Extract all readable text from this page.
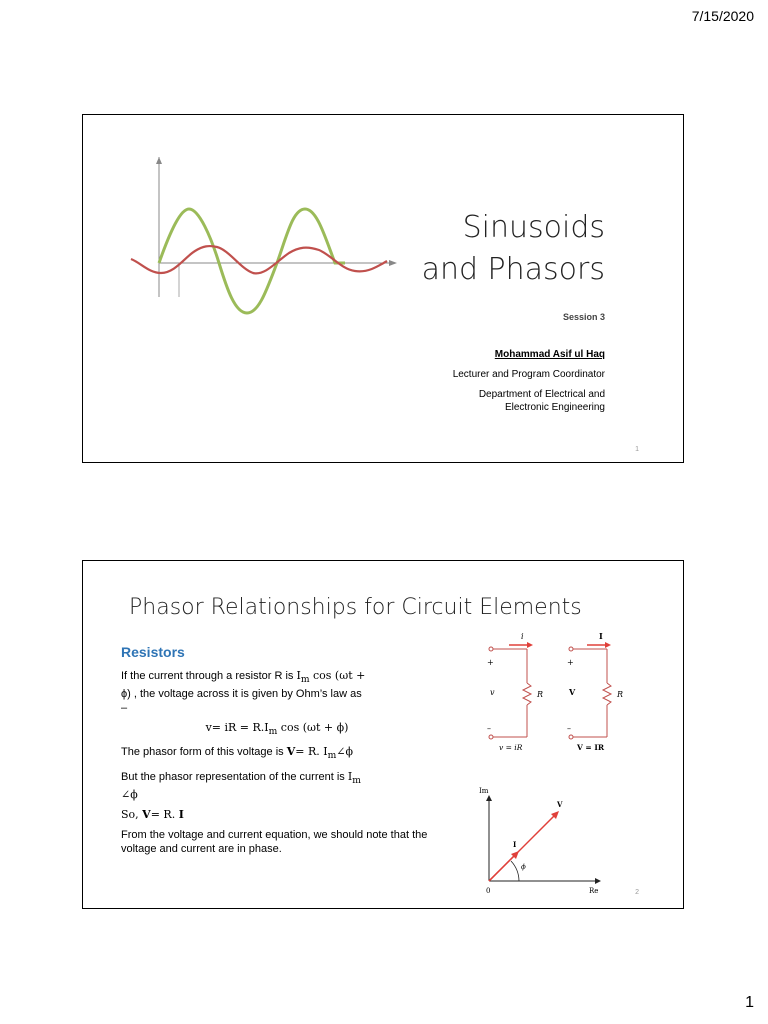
7/15/2020
Sinusoids
and Phasors
Session 3
Mohammad Asif ul Haq
Lecturer and Program Coordinator
Department of Electrical and
Electronic Engineering
1
Phasor Relationships for Circuit Elements
Resistors

If the current through a resistor R is $I_m$ cos (ωt +
ϕ) , the voltage across it is given by Ohm’s law as
–

v= iR = $R.I_m$ cos (ωt + ϕ)

The phasor form of this voltage is V= R. $I_m\angle\phi$

But the phasor representation of the current is $I_m$
∠ϕ

So, V= R. I

From the voltage and current equation, we should note that the voltage and current are in phase.

i
+
v	R
–
v = iR
I
+
V	R
–
V = IR
Im
0	Re
V
I
ϕ
2
1
